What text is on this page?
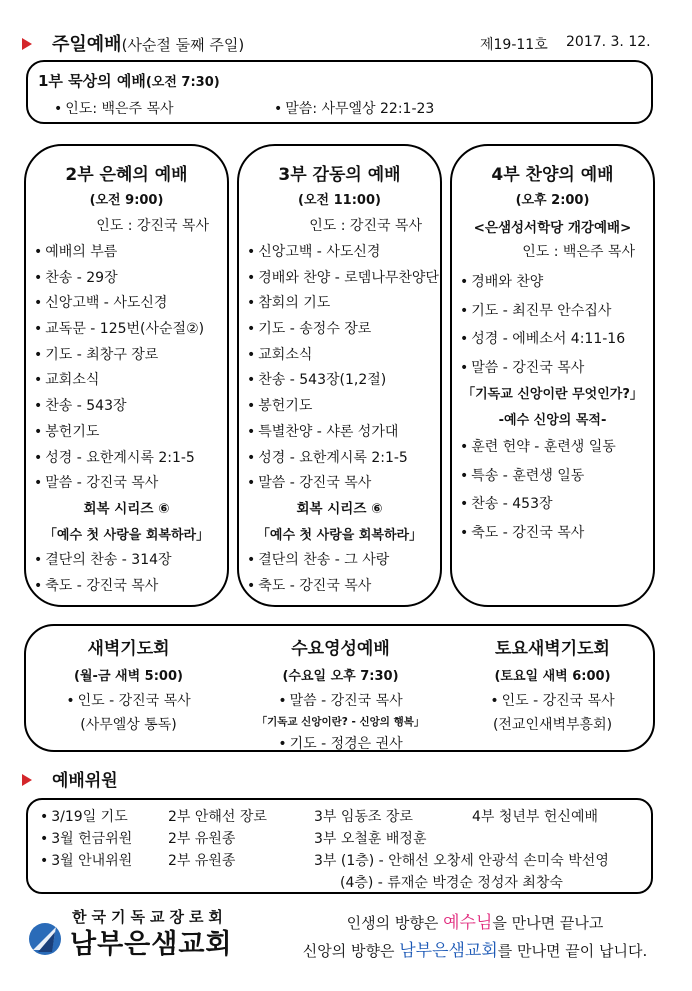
주일예배(사순절 둘째 주일)	제19-11호 2017. 3. 12.
1부 묵상의 예배(오전 7:30)
• 인도: 백은주 목사
•	말씀: 사무엘상 22:1-23
2부 은혜의 예배
(오전 9:00)
인도 : 강진국 목사
• 예배의 부름
• 찬송 - 29장
• 신앙고백 - 사도신경
• 교독문 - 125번(사순절②)
• 기도 - 최창구 장로
• 교회소식
• 찬송 - 543장
• 봉헌기도
• 성경 - 요한계시록 2:1-5
• 말씀 - 강진국 목사
회복 시리즈 ⑥
「예수 첫 사랑을 회복하라」
• 결단의 찬송 - 314장
• 축도 - 강진국 목사
3부 감동의 예배
(오전 11:00)
인도 : 강진국 목사
• 신앙고백 - 사도신경
• 경배와 찬양 - 로뎀나무찬양단
• 참회의 기도
• 기도 - 송정수 장로
• 교회소식
• 찬송 - 543장(1,2절)
• 봉헌기도
• 특별찬양 - 샤론 성가대
• 성경 - 요한계시록 2:1-5
• 말씀 - 강진국 목사
회복 시리즈 ⑥
「예수 첫 사랑을 회복하라」
• 결단의 찬송 - 그 사랑
• 축도 - 강진국 목사
4부 찬양의 예배
(오후 2:00)
<은샘성서학당 개강예배>
인도 : 백은주 목사
• 경배와 찬양
• 기도 - 최진무 안수집사
• 성경 - 에베소서 4:11-16
• 말씀 - 강진국 목사
「기독교 신앙이란 무엇인가?」
-예수 신앙의 목적-
• 훈련 헌약 - 훈련생 일동
• 특송 - 훈련생 일동
• 찬송 - 453장
• 축도 - 강진국 목사
새벽기도회
(월-금 새벽 5:00)
• 인도 - 강진국 목사
(사무엘상 통독)
수요영성예배
(수요일 오후 7:30)
• 말씀 - 강진국 목사
「기독교 신앙이란? - 신앙의 행복」
• 기도 - 정경은 권사
토요새벽기도회
(토요일 새벽 6:00)
• 인도 - 강진국 목사
(전교인새벽부흥회)
예배위원
• 3/19일 기도	2부 안해선 장로	3부 임동조 장로	4부 청년부 헌신예배
• 3월 헌금위원	2부 유원종	3부 오철훈 배정훈
• 3월 안내위원	2부 유원종	3부 (1층) - 안해선 오창세 안광석 손미숙 박선영
(4층) - 류재순 박경순 정성자 최창숙
한국기독교장로회
남부은샘교회
인생의 방향은 예수님을 만나면 끝나고
신앙의 방향은 남부은샘교회를 만나면 끝이 납니다.
